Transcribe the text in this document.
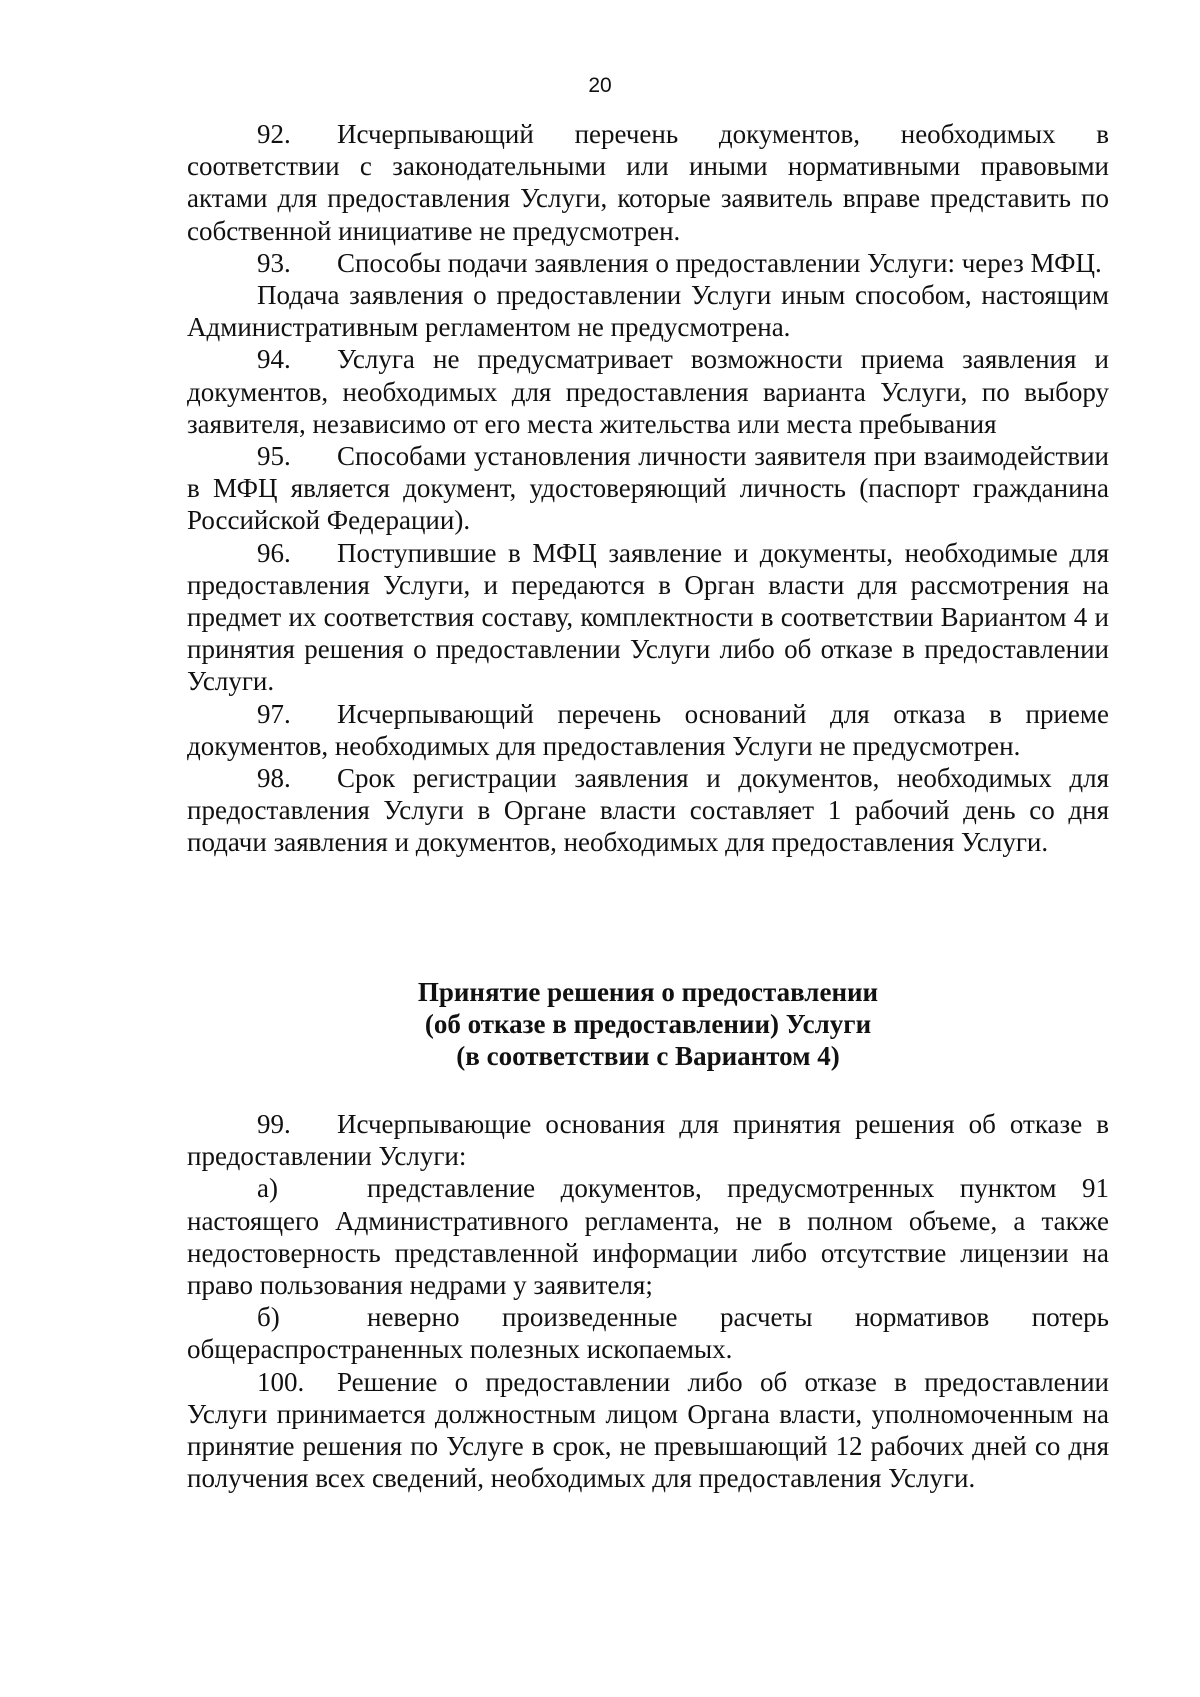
20

92. Исчерпывающий перечень документов, необходимых в соответствии с законодательными или иными нормативными правовыми актами для предоставления Услуги, которые заявитель вправе представить по собственной инициативе не предусмотрен.

93. Способы подачи заявления о предоставлении Услуги: через МФЦ.

Подача заявления о предоставлении Услуги иным способом, настоящим Административным регламентом не предусмотрена.

94. Услуга не предусматривает возможности приема заявления и документов, необходимых для предоставления варианта Услуги, по выбору заявителя, независимо от его места жительства или места пребывания

95. Способами установления личности заявителя при взаимодействии в МФЦ является документ, удостоверяющий личность (паспорт гражданина Российской Федерации).

96. Поступившие в МФЦ заявление и документы, необходимые для предоставления Услуги, и передаются в Орган власти для рассмотрения на предмет их соответствия составу, комплектности в соответствии Вариантом 4 и принятия решения о предоставлении Услуги либо об отказе в предоставлении Услуги.

97. Исчерпывающий перечень оснований для отказа в приеме документов, необходимых для предоставления Услуги не предусмотрен.

98. Срок регистрации заявления и документов, необходимых для предоставления Услуги в Органе власти составляет 1 рабочий день со дня подачи заявления и документов, необходимых для предоставления Услуги.

Принятие решения о предоставлении
(об отказе в предоставлении) Услуги
(в соответствии с Вариантом 4)

99. Исчерпывающие основания для принятия решения об отказе в предоставлении Услуги:

а)	представление документов, предусмотренных пунктом 91 настоящего Административного регламента, не в полном объеме, а также недостоверность представленной информации либо отсутствие лицензии на право пользования недрами у заявителя;

б)	неверно произведенные расчеты нормативов потерь общераспространенных полезных ископаемых.

100. Решение о предоставлении либо об отказе в предоставлении Услуги принимается должностным лицом Органа власти, уполномоченным на принятие решения по Услуге в срок, не превышающий 12 рабочих дней со дня получения всех сведений, необходимых для предоставления Услуги.
